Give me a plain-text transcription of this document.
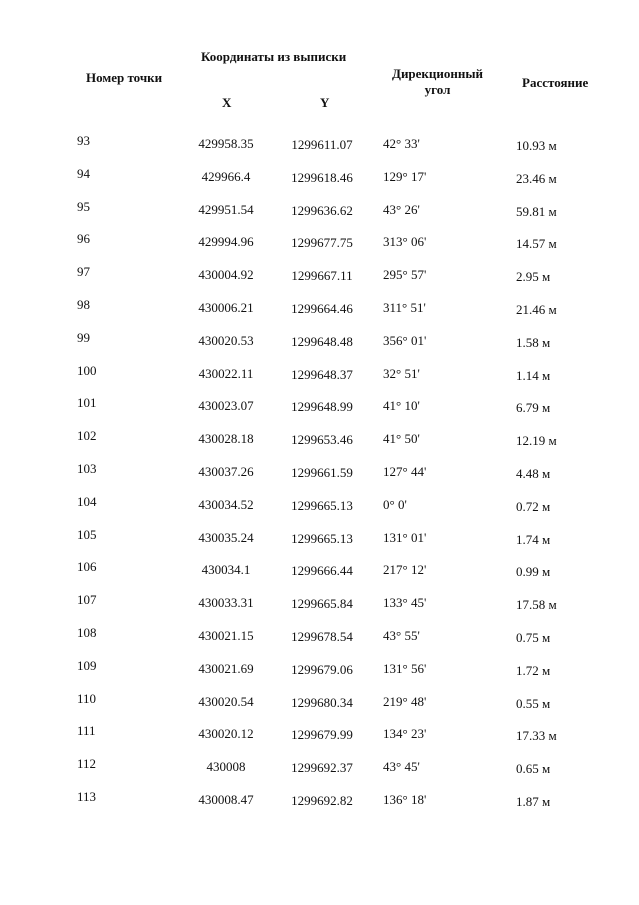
Координаты из выписки
Номер точки
X	Y
Дирекционный
угол	Расстояние
93	429958.35	1299611.07 42° 33'	10.93 м
94	429966.4	1299618.46 129° 17'	23.46 м
95	429951.54	1299636.62 43° 26'	59.81 м
96	429994.96	1299677.75 313° 06'	14.57 м
97	430004.92	1299667.11 295° 57'	2.95 м
98	430006.21	1299664.46 311° 51'	21.46 м
99	430020.53	1299648.48 356° 01'	1.58 м
100	430022.11	1299648.37 32° 51'	1.14 м
101	430023.07	1299648.99 41° 10'	6.79 м
102	430028.18	1299653.46 41° 50'	12.19 м
103	430037.26	1299661.59 127° 44'	4.48 м
104	430034.52	1299665.13 0° 0'	0.72 м
105	430035.24	1299665.13 131° 01'	1.74 м
106	430034.1	1299666.44 217° 12'	0.99 м
107	430033.31	1299665.84 133° 45'	17.58 м
108	430021.15	1299678.54 43° 55'	0.75 м
109	430021.69	1299679.06 131° 56'	1.72 м
110	430020.54	1299680.34 219° 48'	0.55 м
111	430020.12	1299679.99 134° 23'	17.33 м
112	430008	1299692.37 43° 45'	0.65 м
113	430008.47	1299692.82 136° 18'	1.87 м
